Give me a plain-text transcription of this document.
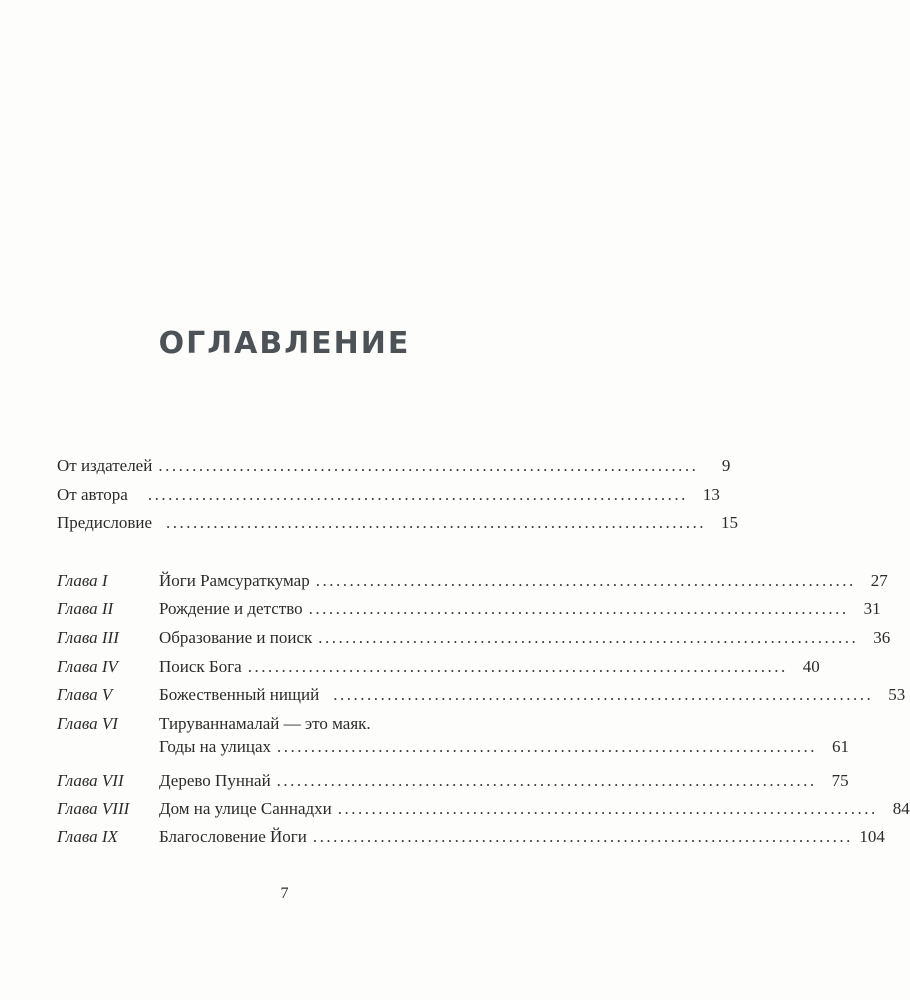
ОГЛАВЛЕНИЕ
От издателей ................................................................................	9
От автора ................................................................................ 13
Предисловие ................................................................................ 15
Глава I	Йоги Рамсураткумар ................................................................................ 27
Глава II	Рождение и детство ................................................................................ 31
Глава III	Образование и поиск ................................................................................ 36
Глава IV	Поиск Бога ................................................................................ 40
Глава V	Божественный нищий ................................................................................ 53
Глава VI Тируваннамалай — это маяк.
Годы на улицах ................................................................................ 61
Глава VII	Дерево Пуннай ................................................................................ 75
Глава VIII	Дом на улице Саннадхи ................................................................................ 84
Глава IX	Благословение Йоги ................................................................................ 104
7
